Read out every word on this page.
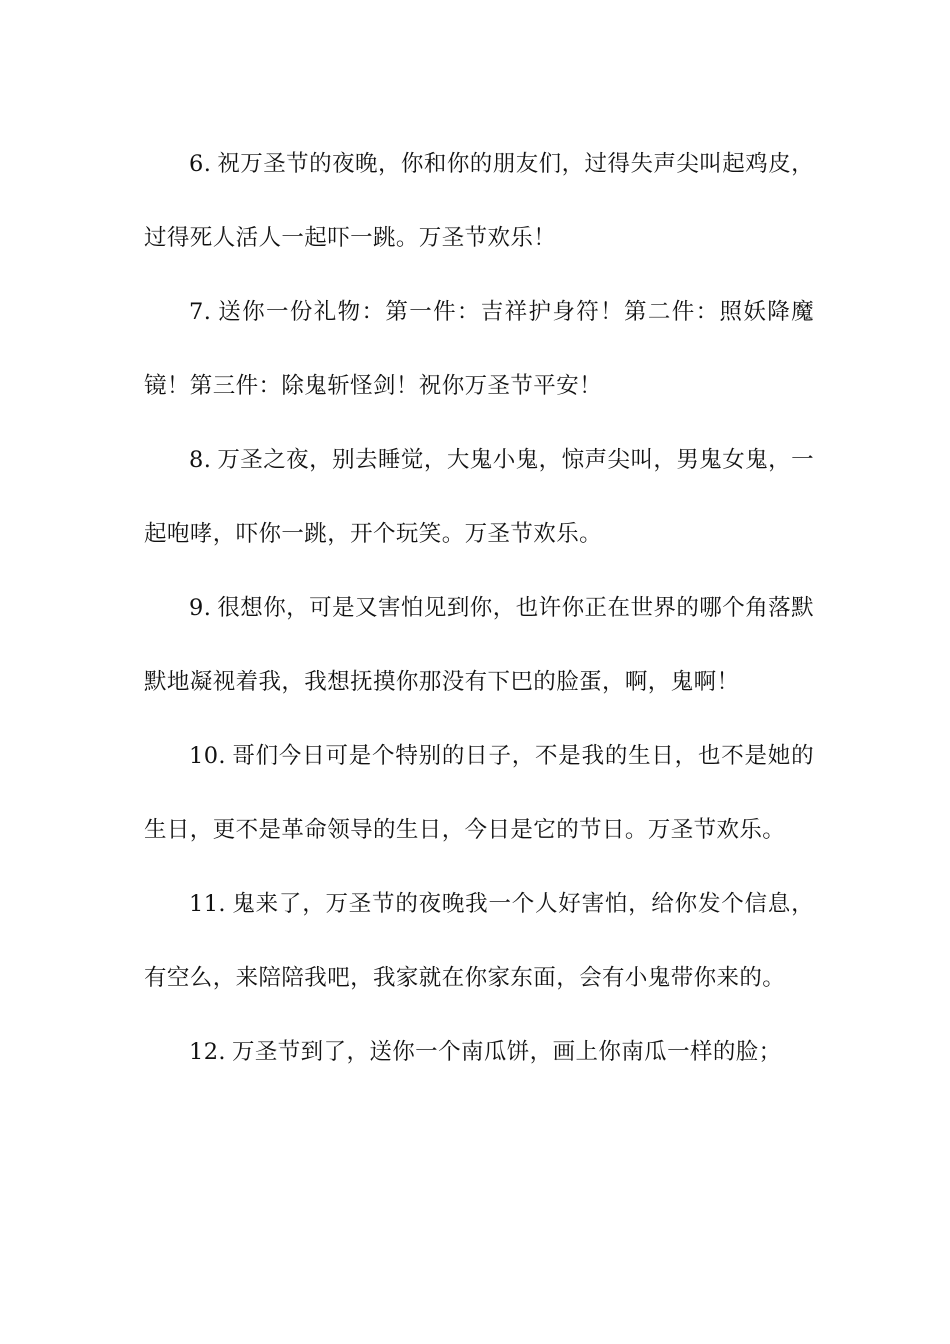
6. 祝万圣节的夜晚，你和你的朋友们，过得失声尖叫起鸡皮，过得死人活人一起吓一跳。万圣节欢乐！

7. 送你一份礼物：第一件：吉祥护身符！第二件：照妖降魔镜！第三件：除鬼斩怪剑！祝你万圣节平安！

8. 万圣之夜，别去睡觉，大鬼小鬼，惊声尖叫，男鬼女鬼，一起咆哮，吓你一跳，开个玩笑。万圣节欢乐。

9. 很想你，可是又害怕见到你，也许你正在世界的哪个角落默默地凝视着我，我想抚摸你那没有下巴的脸蛋，啊，鬼啊！

10. 哥们今日可是个特别的日子，不是我的生日，也不是她的生日，更不是革命领导的生日，今日是它的节日。万圣节欢乐。

11. 鬼来了，万圣节的夜晚我一个人好害怕，给你发个信息，有空么，来陪陪我吧，我家就在你家东面，会有小鬼带你来的。

12. 万圣节到了，送你一个南瓜饼，画上你南瓜一样的脸；
